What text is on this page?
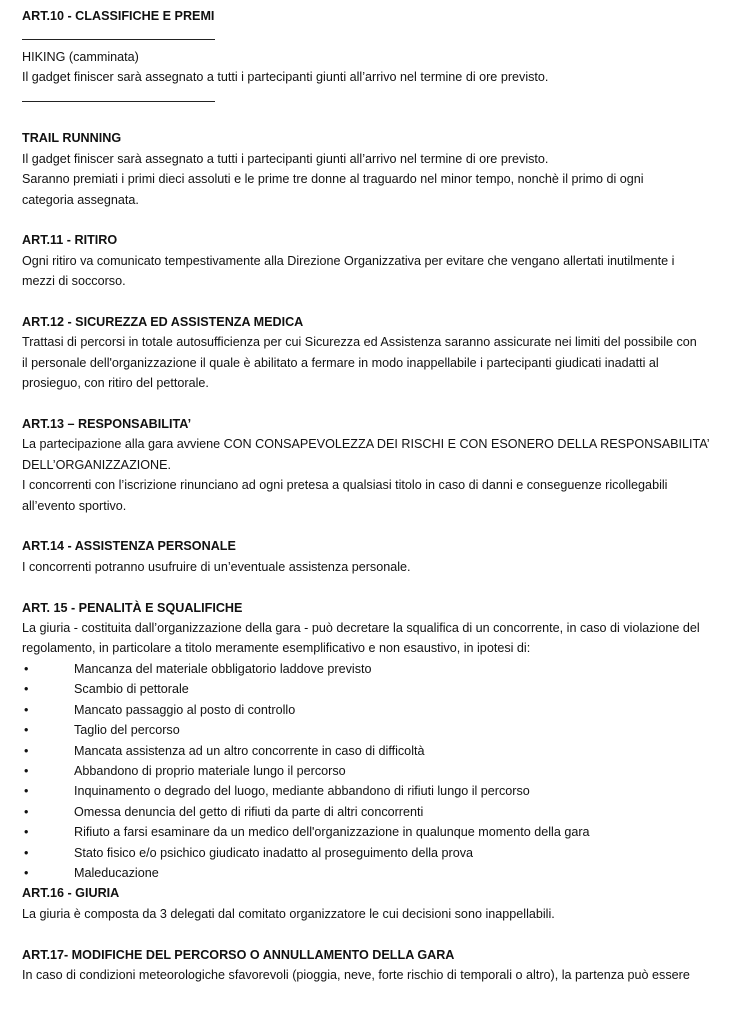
ART.10 - CLASSIFICHE E PREMI
HIKING (camminata)
Il gadget finiscer sarà assegnato a tutti i partecipanti giunti all’arrivo nel termine di ore previsto.
TRAIL RUNNING
Il gadget finiscer sarà assegnato a tutti i partecipanti giunti all’arrivo nel termine di ore previsto.
Saranno premiati i primi dieci assoluti e le prime tre donne al traguardo nel minor tempo, nonchè il primo di ogni
categoria assegnata.
ART.11 - RITIRO
Ogni ritiro va comunicato tempestivamente alla Direzione Organizzativa per evitare che vengano allertati inutilmente i
mezzi di soccorso.
ART.12 - SICUREZZA ED ASSISTENZA MEDICA
Trattasi di percorsi in totale autosufficienza per cui Sicurezza ed Assistenza saranno assicurate nei limiti del possibile con
il personale dell'organizzazione il quale è abilitato a fermare in modo inappellabile i partecipanti giudicati inadatti al
prosieguo, con ritiro del pettorale.
ART.13 – RESPONSABILITA’
La partecipazione alla gara avviene CON CONSAPEVOLEZZA DEI RISCHI E CON ESONERO DELLA RESPONSABILITA’
DELL’ORGANIZZAZIONE.
I concorrenti con l’iscrizione rinunciano ad ogni pretesa a qualsiasi titolo in caso di danni e conseguenze ricollegabili
all’evento sportivo.
ART.14 - ASSISTENZA PERSONALE
I concorrenti potranno usufruire di un’eventuale assistenza personale.
ART. 15 - PENALITÀ E SQUALIFICHE
La giuria - costituita dall’organizzazione della gara - può decretare la squalifica di un concorrente, in caso di violazione del
regolamento, in particolare a titolo meramente esemplificativo e non esaustivo, in ipotesi di:
•	Mancanza del materiale obbligatorio laddove previsto
•	Scambio di pettorale
•	Mancato passaggio al posto di controllo
•	Taglio del percorso
•	Mancata assistenza ad un altro concorrente in caso di difficoltà
•	Abbandono di proprio materiale lungo il percorso
•	Inquinamento o degrado del luogo, mediante abbandono di rifiuti lungo il percorso
•	Omessa denuncia del getto di rifiuti da parte di altri concorrenti
•	Rifiuto a farsi esaminare da un medico dell'organizzazione in qualunque momento della gara
•	Stato fisico e/o psichico giudicato inadatto al proseguimento della prova
•	Maleducazione
ART.16 - GIURIA
La giuria è composta da 3 delegati dal comitato organizzatore le cui decisioni sono inappellabili.
ART.17- MODIFICHE DEL PERCORSO O ANNULLAMENTO DELLA GARA
In caso di condizioni meteorologiche sfavorevoli (pioggia, neve, forte rischio di temporali o altro), la partenza può essere
